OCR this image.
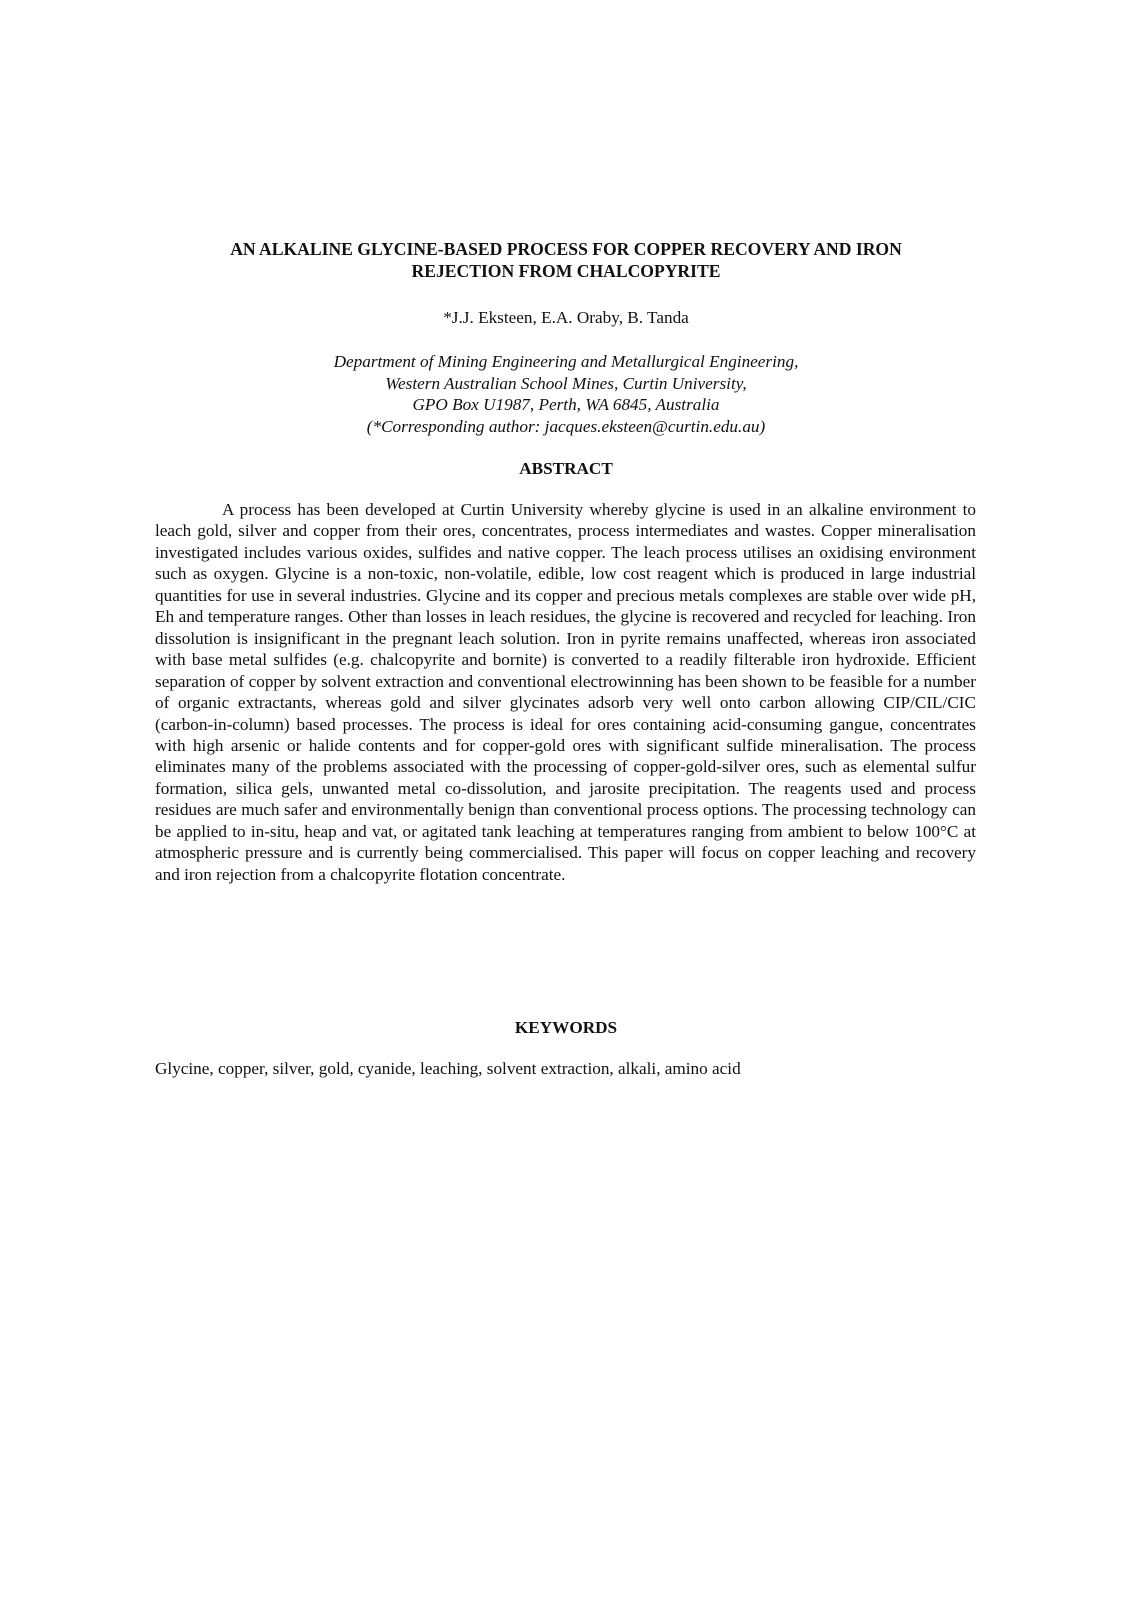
AN ALKALINE GLYCINE-BASED PROCESS FOR COPPER RECOVERY AND IRON
REJECTION FROM CHALCOPYRITE
*J.J. Eksteen, E.A. Oraby, B. Tanda
Department of Mining Engineering and Metallurgical Engineering,
Western Australian School Mines, Curtin University,
GPO Box U1987, Perth, WA 6845, Australia
(*Corresponding author: jacques.eksteen@curtin.edu.au)
ABSTRACT

A process has been developed at Curtin University whereby glycine is used in an alkaline environment to leach gold, silver and copper from their ores, concentrates, process intermediates and wastes. Copper mineralisation investigated includes various oxides, sulfides and native copper. The leach process utilises an oxidising environment such as oxygen. Glycine is a non-toxic, non-volatile, edible, low cost reagent which is produced in large industrial quantities for use in several industries. Glycine and its copper and precious metals complexes are stable over wide pH, Eh and temperature ranges. Other than losses in leach residues, the glycine is recovered and recycled for leaching. Iron dissolution is insignificant in the pregnant leach solution. Iron in pyrite remains unaffected, whereas iron associated with base metal sulfides (e.g. chalcopyrite and bornite) is converted to a readily filterable iron hydroxide. Efficient separation of copper by solvent extraction and conventional electrowinning has been shown to be feasible for a number of organic extractants, whereas gold and silver glycinates adsorb very well onto carbon allowing CIP/CIL/CIC (carbon-in-column) based processes. The process is ideal for ores containing acid-consuming gangue, concentrates with high arsenic or halide contents and for copper-gold ores with significant sulfide mineralisation. The process eliminates many of the problems associated with the processing of copper-gold-silver ores, such as elemental sulfur formation, silica gels, unwanted metal co-dissolution, and jarosite precipitation. The reagents used and process residues are much safer and environmentally benign than conventional process options. The processing technology can be applied to in-situ, heap and vat, or agitated tank leaching at temperatures ranging from ambient to below 100°C at atmospheric pressure and is currently being commercialised. This paper will focus on copper leaching and recovery and iron rejection from a chalcopyrite flotation concentrate.

KEYWORDS

Glycine, copper, silver, gold, cyanide, leaching, solvent extraction, alkali, amino acid
